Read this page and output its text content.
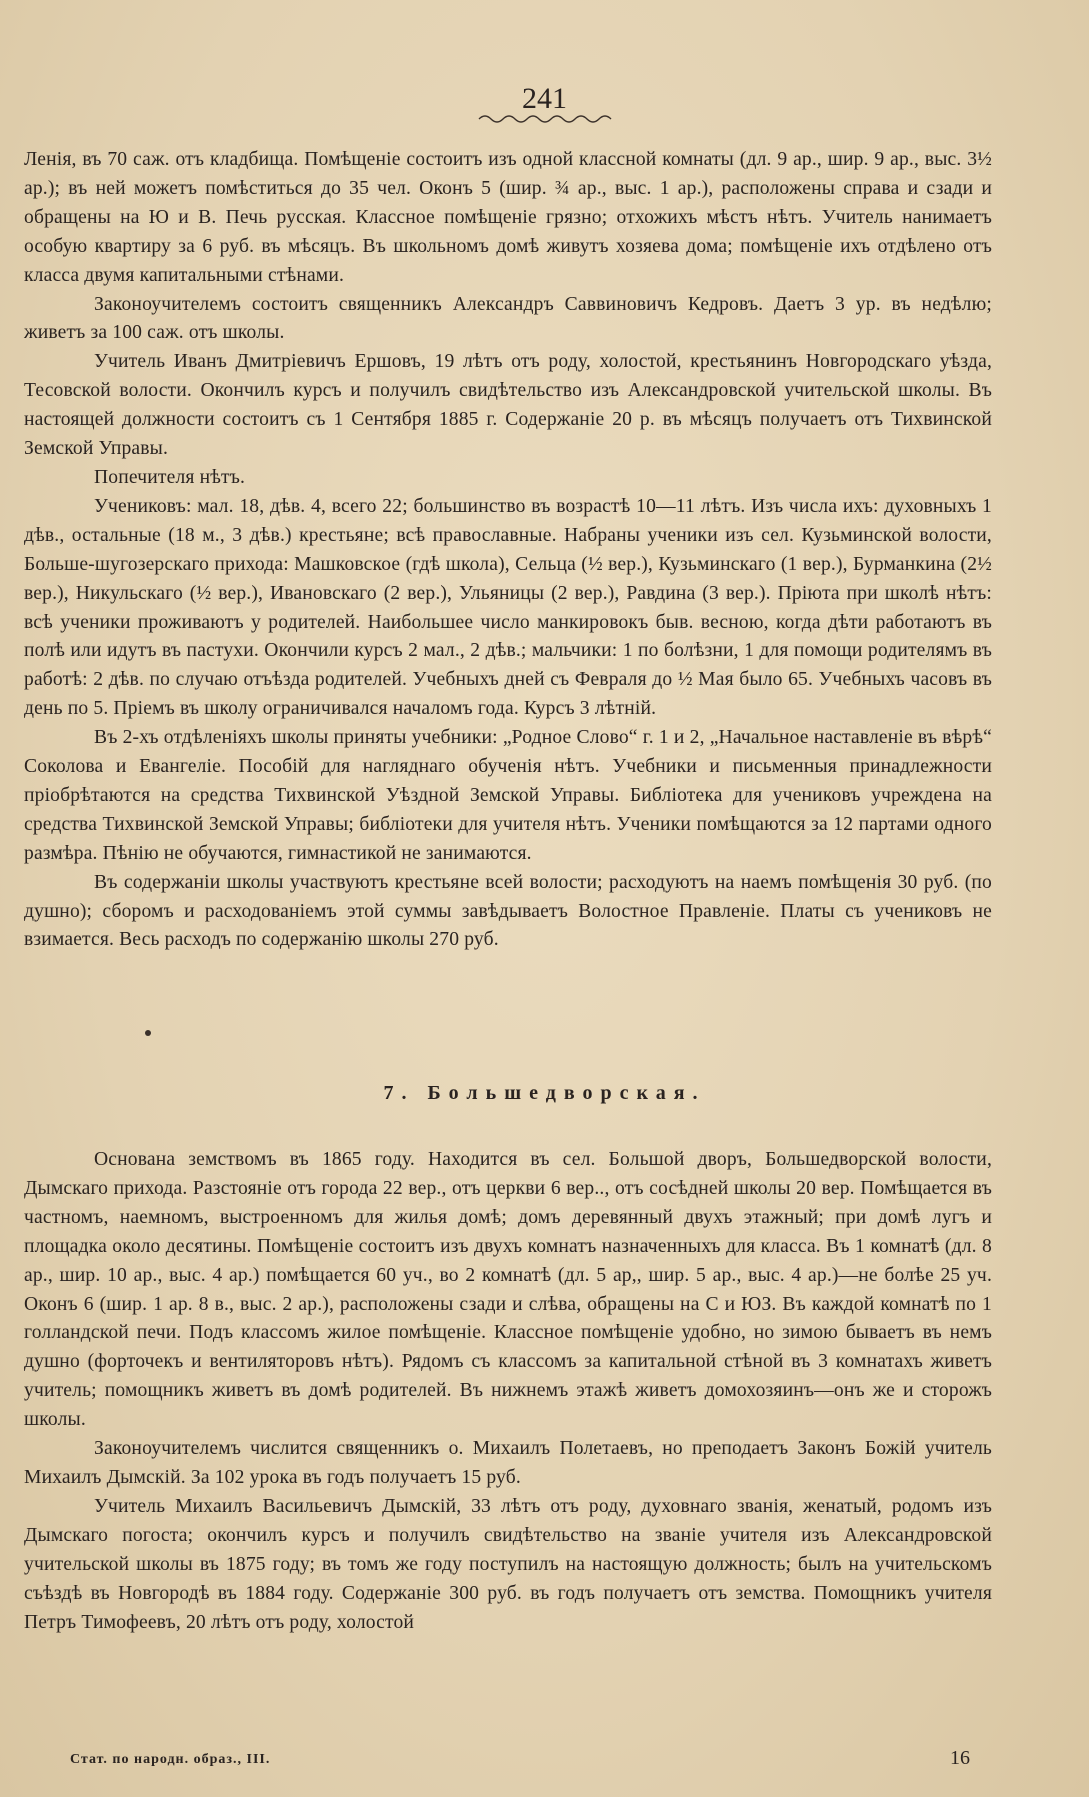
241

Ленія, въ 70 саж. отъ кладбища. Помѣщеніе состоитъ изъ одной классной комнаты (дл. 9 ар., шир. 9 ар., выс. 3½ ар.); въ ней можетъ помѣститься до 35 чел. Оконъ 5 (шир. ¾ ар., выс. 1 ар.), расположены справа и сзади и обращены на Ю и В. Печь русская. Классное помѣщеніе грязно; отхожихъ мѣстъ нѣтъ. Учитель нанимаетъ особую квартиру за 6 руб. въ мѣсяцъ. Въ школьномъ домѣ живутъ хозяева дома; помѣщеніе ихъ отдѣлено отъ класса двумя капитальными стѣнами.

Законоучителемъ состоитъ священникъ Александръ Саввиновичъ Кедровъ. Даетъ 3 ур. въ недѣлю; живетъ за 100 саж. отъ школы.

Учитель Иванъ Дмитріевичъ Ершовъ, 19 лѣтъ отъ роду, холостой, крестьянинъ Новгородскаго уѣзда, Тесовской волости. Окончилъ курсъ и получилъ свидѣтельство изъ Александровской учительской школы. Въ настоящей должности состоитъ съ 1 Сентября 1885 г. Содержаніе 20 р. въ мѣсяцъ получаетъ отъ Тихвинской Земской Управы.

Попечителя нѣтъ.

Учениковъ: мал. 18, дѣв. 4, всего 22; большинство въ возрастѣ 10—11 лѣтъ. Изъ числа ихъ: духовныхъ 1 дѣв., остальные (18 м., 3 дѣв.) крестьяне; всѣ православные. Набраны ученики изъ сел. Кузьминской волости, Больше-шугозерскаго прихода: Машковское (гдѣ школа), Сельца (½ вер.), Кузьминскаго (1 вер.), Бурманкина (2½ вер.), Никульскаго (½ вер.), Ивановскаго (2 вер.), Ульяницы (2 вер.), Равдина (3 вер.). Пріюта при школѣ нѣтъ: всѣ ученики проживаютъ у родителей. Наибольшее число манкировокъ быв. весною, когда дѣти работаютъ въ полѣ или идутъ въ пастухи. Окончили курсъ 2 мал., 2 дѣв.; мальчики: 1 по болѣзни, 1 для помощи родителямъ въ работѣ: 2 дѣв. по случаю отъѣзда родителей. Учебныхъ дней съ Февраля до ½ Мая было 65. Учебныхъ часовъ въ день по 5. Пріемъ въ школу ограничивался началомъ года. Курсъ 3 лѣтній.

Въ 2-хъ отдѣленіяхъ школы приняты учебники: „Родное Слово“ г. 1 и 2, „Начальное наставленіе въ вѣрѣ“ Соколова и Евангеліе. Пособій для нагляднаго обученія нѣтъ. Учебники и письменныя принадлежности пріобрѣтаются на средства Тихвинской Уѣздной Земской Управы. Библіотека для учениковъ учреждена на средства Тихвинской Земской Управы; библіотеки для учителя нѣтъ. Ученики помѣщаются за 12 партами одного размѣра. Пѣнію не обучаются, гимнастикой не занимаются.

Въ содержаніи школы участвуютъ крестьяне всей волости; расходуютъ на наемъ помѣщенія 30 руб. (по душно); сборомъ и расходованіемъ этой суммы завѣдываетъ Волостное Правленіе. Платы съ учениковъ не взимается. Весь расходъ по содержанію школы 270 руб.

7. Большедворская.

Основана земствомъ въ 1865 году. Находится въ сел. Большой дворъ, Большедворской волости, Дымскаго прихода. Разстояніе отъ города 22 вер., отъ церкви 6 вер.., отъ сосѣдней школы 20 вер. Помѣщается въ частномъ, наемномъ, выстроенномъ для жилья домѣ; домъ деревянный двухъ этажный; при домѣ лугъ и площадка около десятины. Помѣщеніе состоитъ изъ двухъ комнатъ назначенныхъ для класса. Въ 1 комнатѣ (дл. 8 ар., шир. 10 ар., выс. 4 ар.) помѣщается 60 уч., во 2 комнатѣ (дл. 5 ар,, шир. 5 ар., выс. 4 ар.)—не болѣе 25 уч. Оконъ 6 (шир. 1 ар. 8 в., выс. 2 ар.), расположены сзади и слѣва, обращены на С и ЮЗ. Въ каждой комнатѣ по 1 голландской печи. Подъ классомъ жилое помѣщеніе. Классное помѣщеніе удобно, но зимою бываетъ въ немъ душно (форточекъ и вентиляторовъ нѣтъ). Рядомъ съ классомъ за капитальной стѣной въ 3 комнатахъ живетъ учитель; помощникъ живетъ въ домѣ родителей. Въ нижнемъ этажѣ живетъ домохозяинъ—онъ же и сторожъ школы.

Законоучителемъ числится священникъ о. Михаилъ Полетаевъ, но преподаетъ Законъ Божій учитель Михаилъ Дымскій. За 102 урока въ годъ получаетъ 15 руб.

Учитель Михаилъ Васильевичъ Дымскій, 33 лѣтъ отъ роду, духовнаго званія, женатый, родомъ изъ Дымскаго погоста; окончилъ курсъ и получилъ свидѣтельство на званіе учителя изъ Александровской учительской школы въ 1875 году; въ томъ же году поступилъ на настоящую должность; былъ на учительскомъ съѣздѣ въ Новгородѣ въ 1884 году. Содержаніе 300 руб. въ годъ получаетъ отъ земства. Помощникъ учителя Петръ Тимофеевъ, 20 лѣтъ отъ роду, холостой

Стат. по народн. образ., III.	16
